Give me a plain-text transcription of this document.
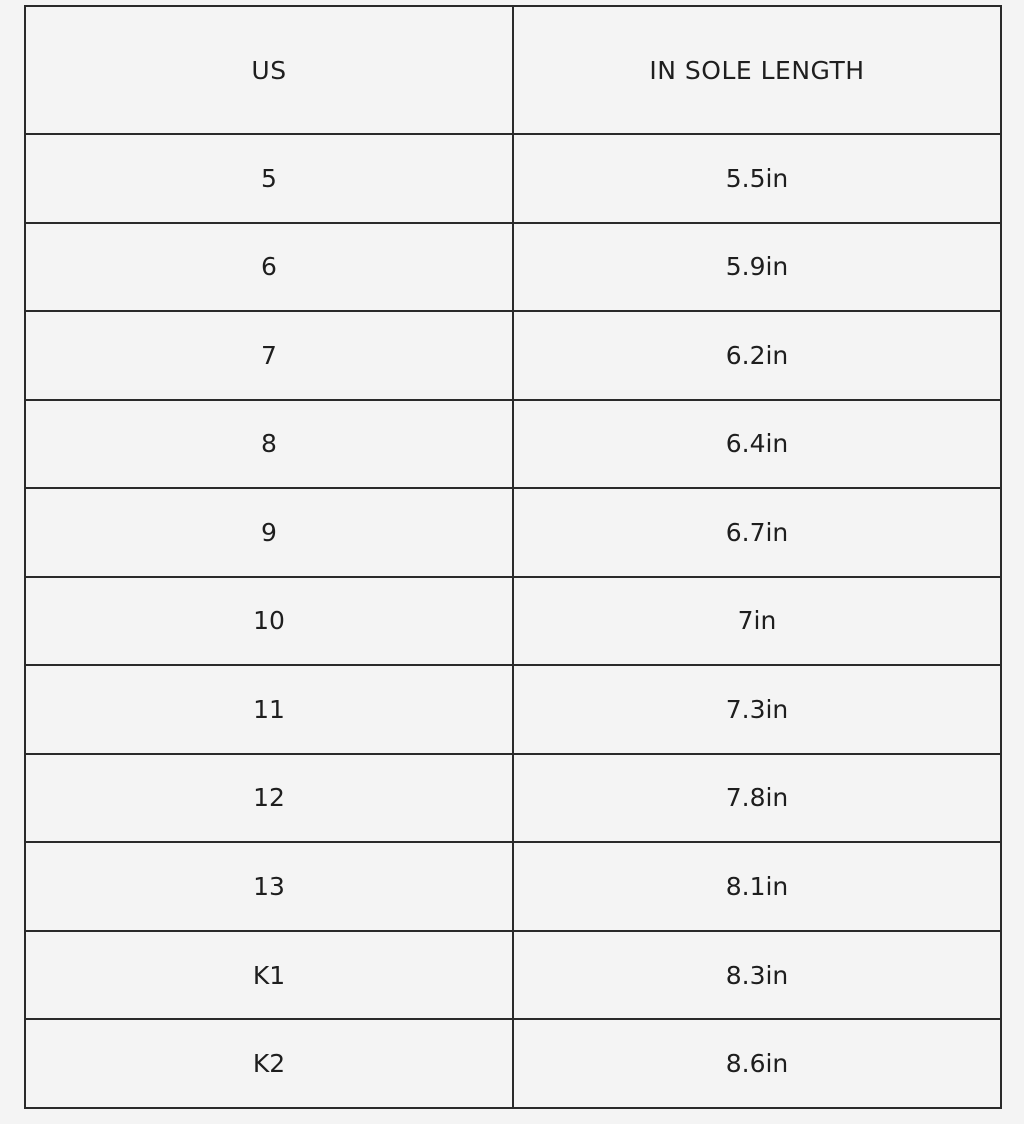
US	IN SOLE LENGTH
5	5.5in
6	5.9in
7	6.2in
8	6.4in
9	6.7in
10	7in
11	7.3in
12	7.8in
13	8.1in
K1	8.3in
K2	8.6in
